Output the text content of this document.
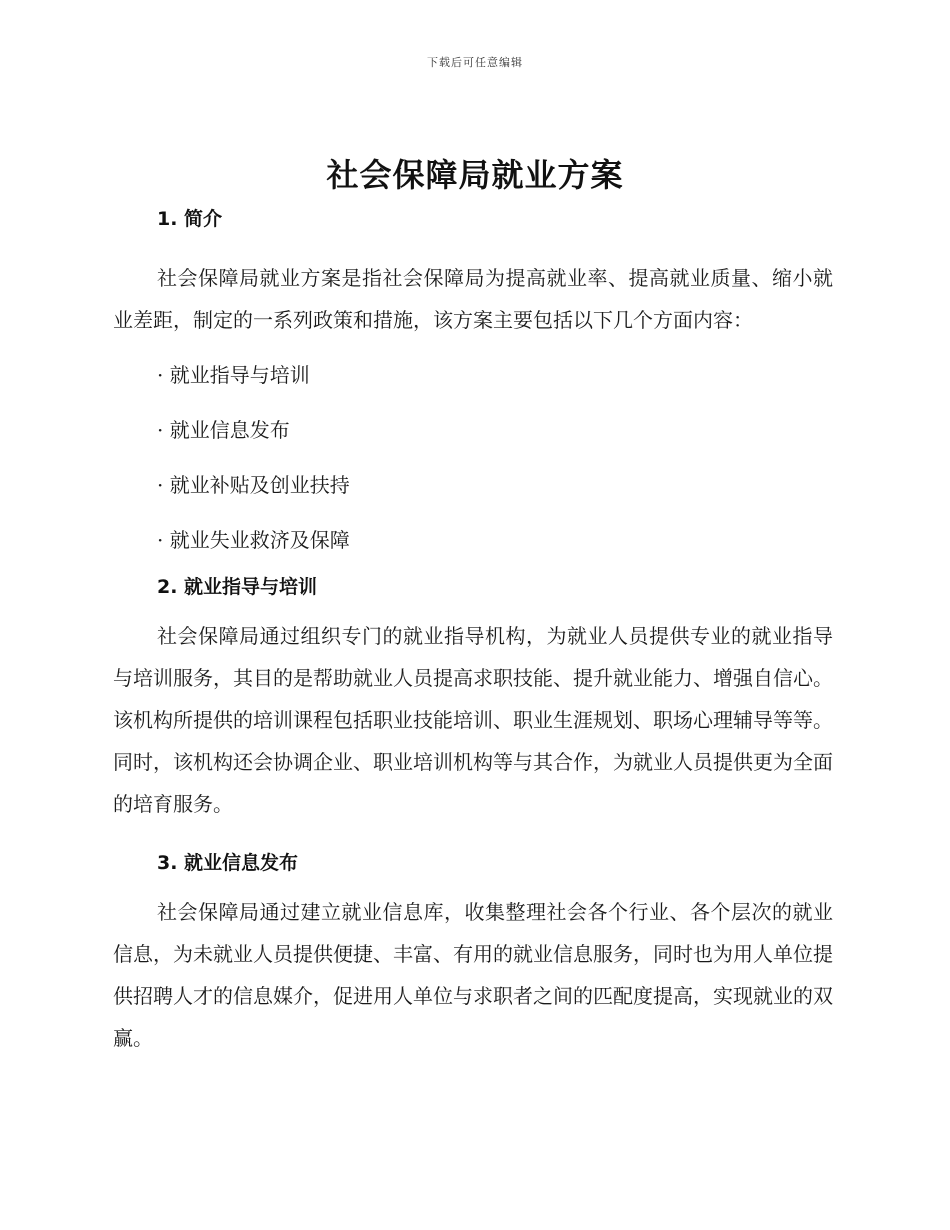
下载后可任意编辑
社会保障局就业方案
1. 简介

社会保障局就业方案是指社会保障局为提高就业率、提高就业质量、缩小就业差距，制定的一系列政策和措施，该方案主要包括以下几个方面内容：

· 就业指导与培训
· 就业信息发布
· 就业补贴及创业扶持
· 就业失业救济及保障
2. 就业指导与培训

社会保障局通过组织专门的就业指导机构，为就业人员提供专业的就业指导与培训服务，其目的是帮助就业人员提高求职技能、提升就业能力、增强自信心。该机构所提供的培训课程包括职业技能培训、职业生涯规划、职场心理辅导等等。同时，该机构还会协调企业、职业培训机构等与其合作，为就业人员提供更为全面的培育服务。

3. 就业信息发布

社会保障局通过建立就业信息库，收集整理社会各个行业、各个层次的就业信息，为未就业人员提供便捷、丰富、有用的就业信息服务，同时也为用人单位提供招聘人才的信息媒介，促进用人单位与求职者之间的匹配度提高，实现就业的双赢。
